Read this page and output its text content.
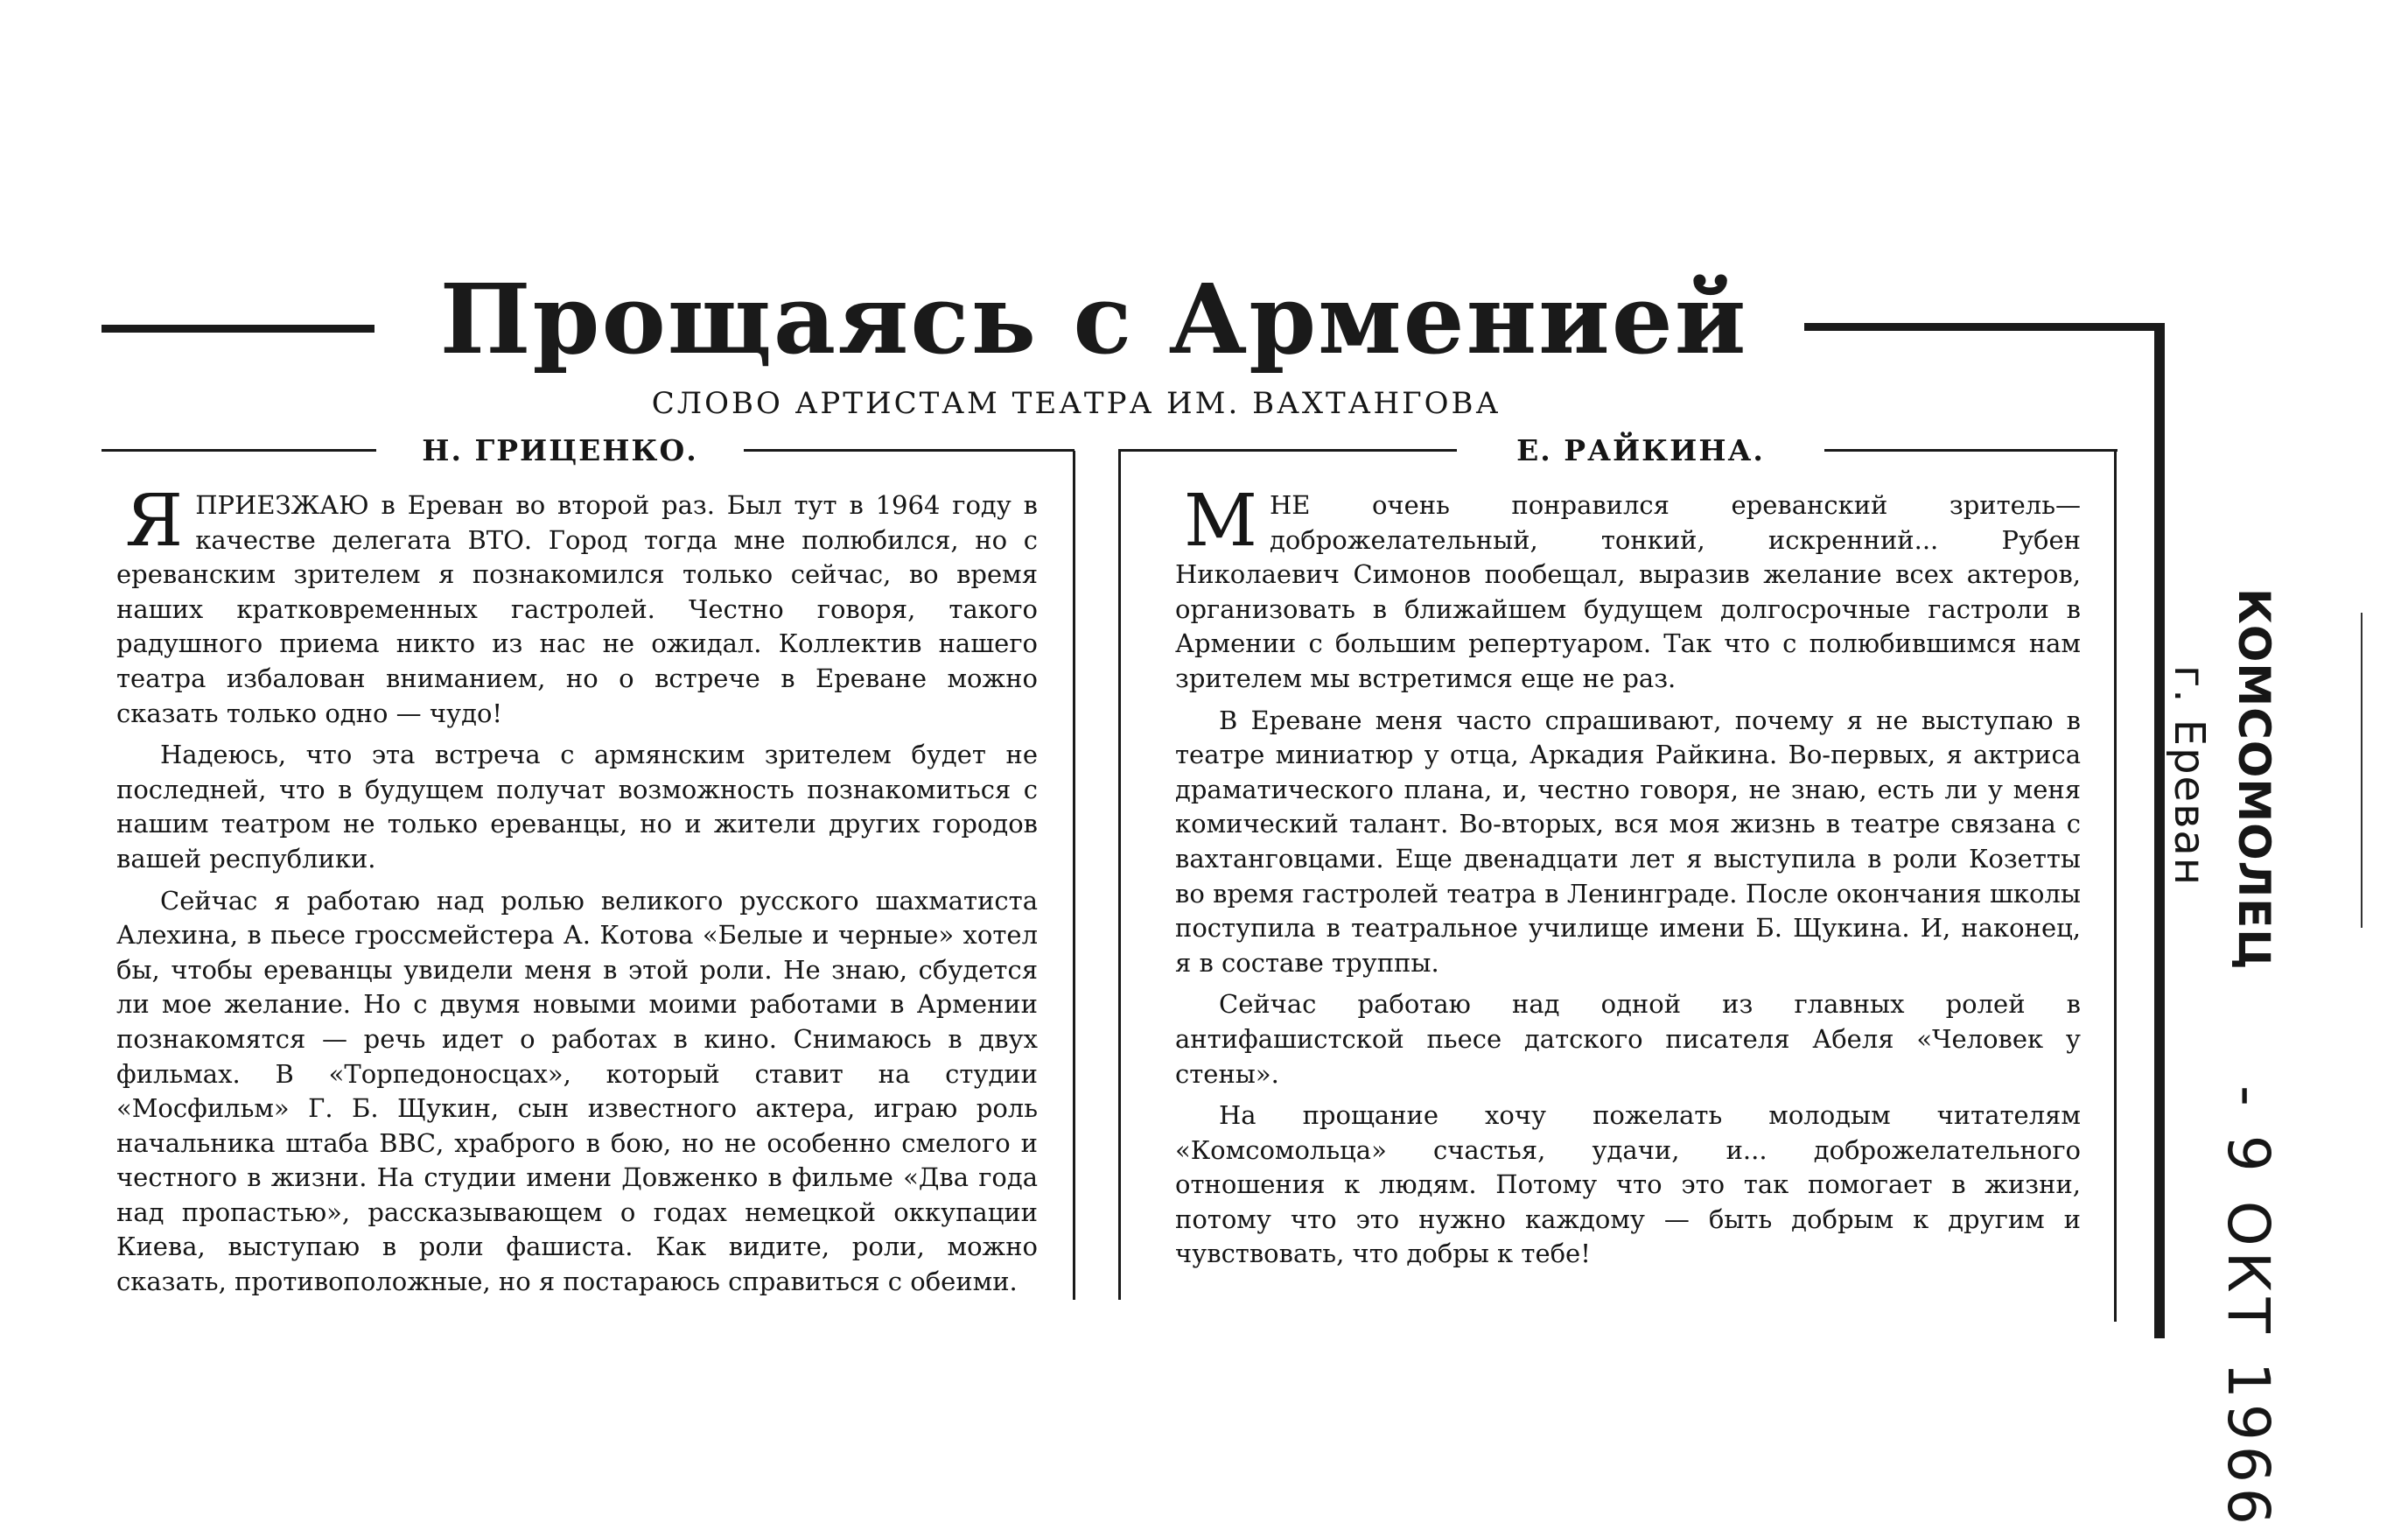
Прощаясь с Арменией
СЛОВО АРТИСТАМ ТЕАТРА ИМ. ВАХТАНГОВА
Н. ГРИЦЕНКО.	Е. РАЙКИНА.

ЯПРИЕЗЖАЮ в Ереван во второй раз. Был тут в 1964 году в качестве делегата ВТО. Город тогда мне полюбился, но с ереванским зрителем я познакомился только сейчас, во время наших кратковременных гастролей. Честно говоря, такого радушного приема никто из нас не ожидал. Коллектив нашего театра избалован вниманием, но о встрече в Ереване можно сказать только одно — чудо!

Надеюсь, что эта встреча с армянским зрителем будет не последней, что в будущем получат возможность познакомиться с нашим театром не только ереванцы, но и жители других городов вашей республики.

Сейчас я работаю над ролью великого русского шахматиста Алехина, в пьесе гроссмейстера А. Котова «Белые и черные» хотел бы, чтобы ереванцы увидели меня в этой роли. Не знаю, сбудется ли мое желание. Но с двумя новыми моими работами в Армении познакомятся — речь идет о работах в кино. Снимаюсь в двух фильмах. В «Торпедоносцах», который ставит на студии «Мосфильм» Г. Б. Щукин, сын известного актера, играю роль начальника штаба ВВС, храброго в бою, но не особенно смелого и честного в жизни. На студии имени Довженко в фильме «Два года над пропастью», рассказывающем о годах немецкой оккупации Киева, выступаю в роли фашиста. Как видите, роли, можно сказать, противоположные, но я постараюсь справиться с обеими.

МНЕ очень понравился ереванский зритель—доброжелательный, тонкий, искренний... Рубен Николаевич Симонов пообещал, выразив желание всех актеров, организовать в ближайшем будущем долгосрочные гастроли в Армении с большим репертуаром. Так что с полюбившимся нам зрителем мы встретимся еще не раз.

В Ереване меня часто спрашивают, почему я не выступаю в театре миниатюр у отца, Аркадия Райкина. Во-первых, я актриса драматического плана, и, честно говоря, не знаю, есть ли у меня комический талант. Во-вторых, вся моя жизнь в театре связана с вахтанговцами. Еще двенадцати лет я выступила в роли Козетты во время гастролей театра в Ленинграде. После окончания школы поступила в театральное училище имени Б. Щукина. И, наконец, я в составе труппы.

Сейчас работаю над одной из главных ролей в антифашистской пьесе датского писателя Абеля «Человек у стены».

На прощание хочу пожелать молодым читателям «Комсомольца» счастья, удачи, и... доброжелательного отношения к людям. Потому что это так помогает в жизни, потому что это нужно каждому — быть добрым к другим и чувствовать, что добры к тебе!

КОМСОМОЛЕЦ
г. Ереван
- 9 ОКТ 1966
